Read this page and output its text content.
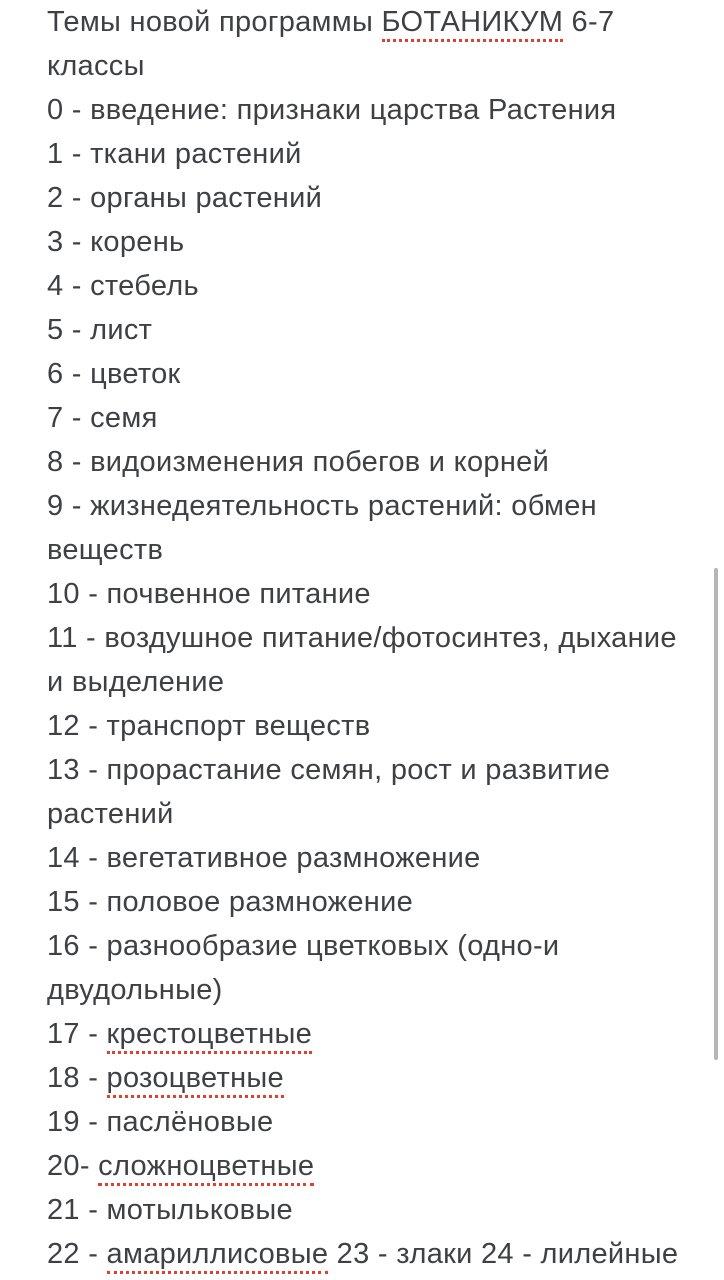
Темы новой программы БОТАНИКУМ 6-7
классы
0 - введение: признаки царства Растения
1 - ткани растений
2 - органы растений
3 - корень
4 - стебель
5 - лист
6 - цветок
7 - семя
8 - видоизменения побегов и корней
9 - жизнедеятельность растений: обмен
веществ
10 - почвенное питание
11 - воздушное питание/фотосинтез, дыхание
и выделение
12 - транспорт веществ
13 - прорастание семян, рост и развитие
растений
14 - вегетативное размножение
15 - половое размножение
16 - разнообразие цветковых (одно-и
двудольные)
17 - крестоцветные
18 - розоцветные
19 - паслёновые
20- сложноцветные
21 - мотыльковые
22 - амариллисовые 23 - злаки 24 - лилейные
